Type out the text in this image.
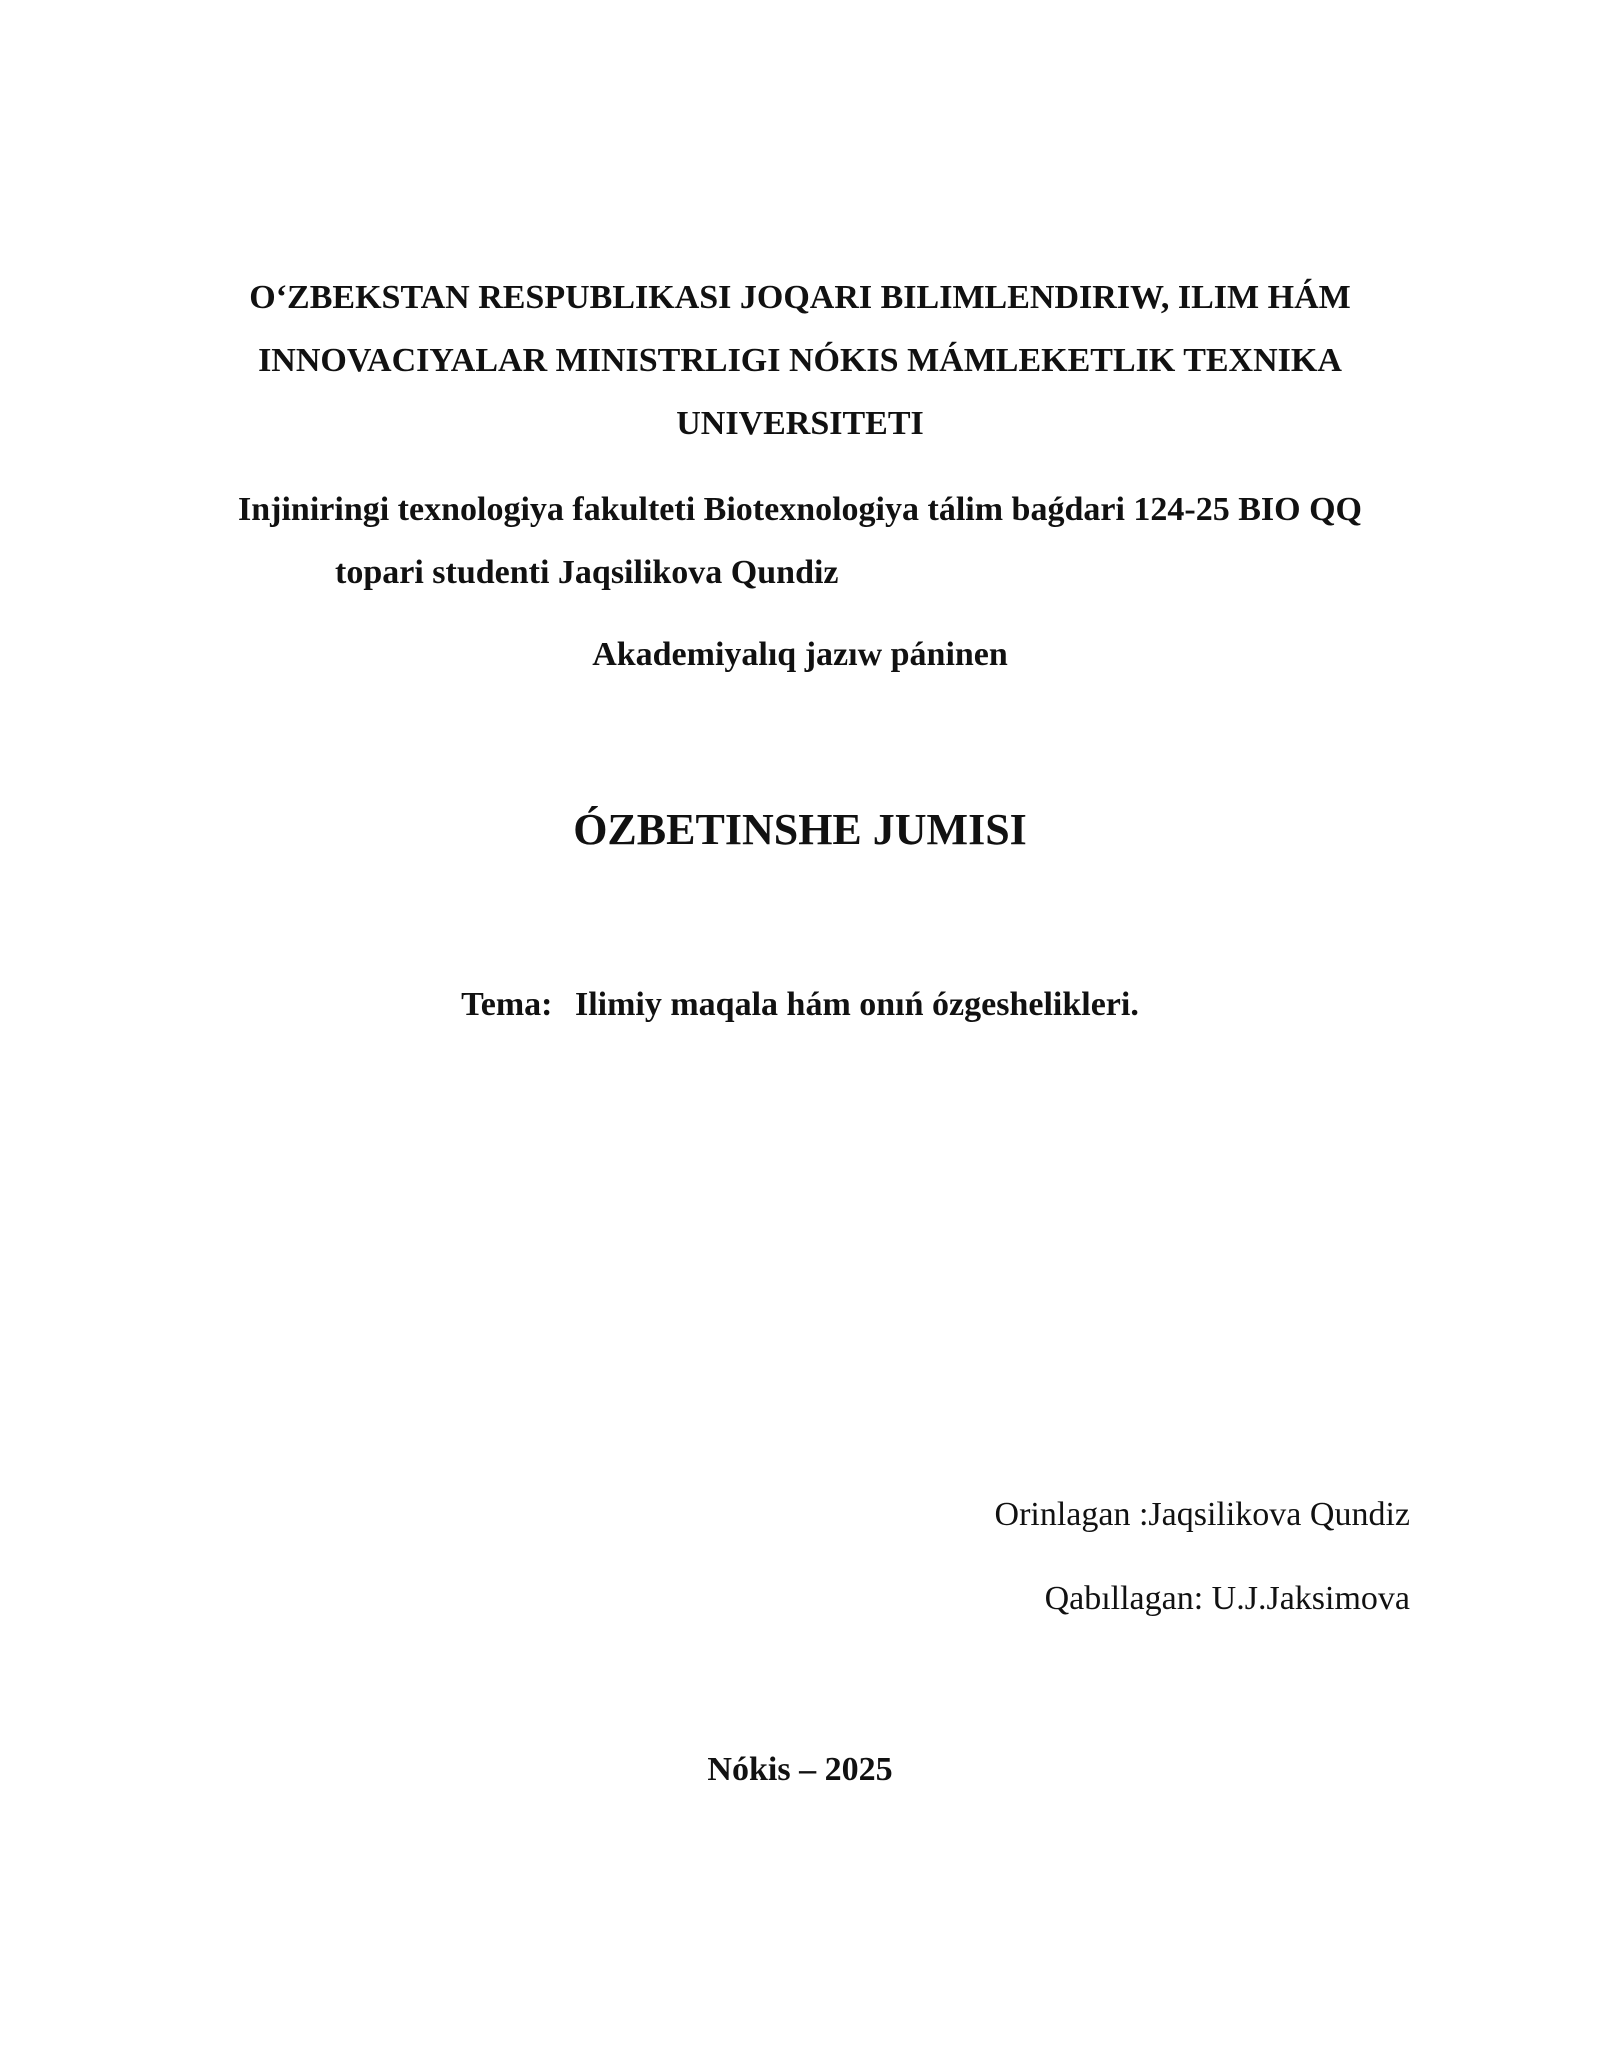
O‘ZBEKSTAN RESPUBLIKASI JOQARI BILIMLENDIRIW, ILIM HÁM
INNOVACIYALAR MINISTRLIGI NÓKIS MÁMLEKETLIK TEXNIKA
UNIVERSITETI
Injiniringi texnologiya fakulteti Biotexnologiya tálim baǵdari 124-25 BIO QQ
topari studenti Jaqsilikova Qundiz
Akademiyalıq jazıw páninen
ÓZBETINSHE JUMISI
Tema: Ilimiy maqala hám onıń ózgeshelikleri.
Orinlagan :Jaqsilikova Qundiz
Qabıllagan: U.J.Jaksimova
Nókis – 2025
